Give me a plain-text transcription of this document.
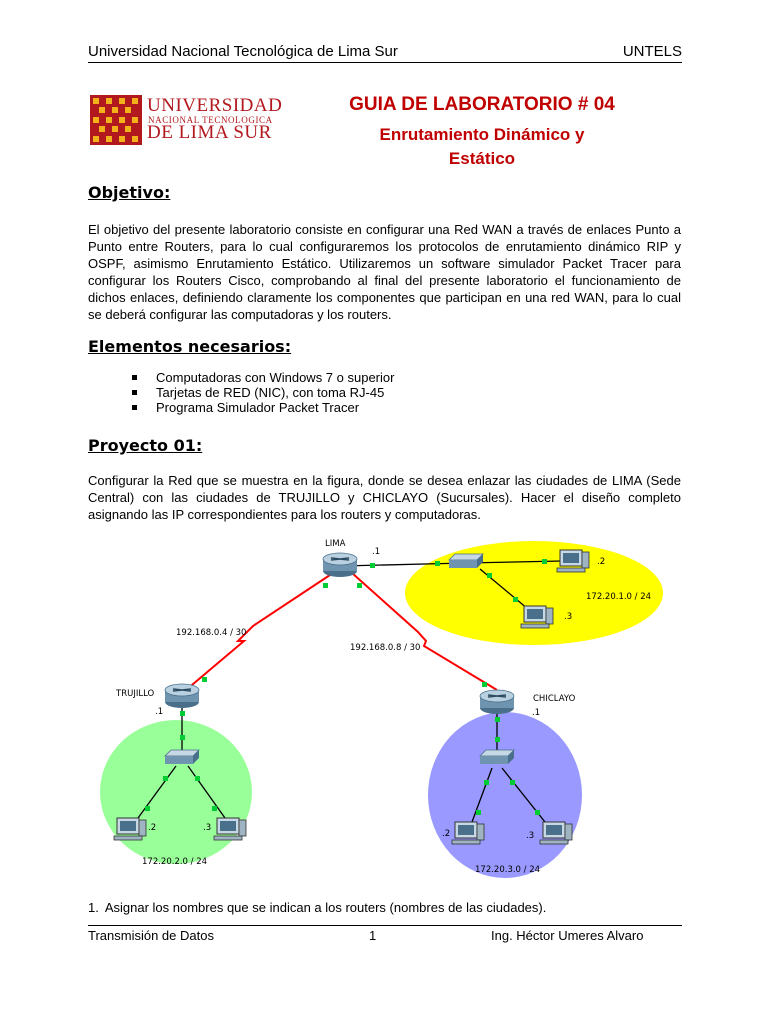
Universidad Nacional Tecnológica de Lima Sur	UNTELS
UNIVERSIDAD
NACIONAL TECNOLOGICA
DE LIMA SUR
GUIA DE LABORATORIO # 04
Enrutamiento Dinámico y
Estático
Objetivo:
El objetivo del presente laboratorio consiste en configurar una Red WAN a través de enlaces Punto a Punto entre Routers, para lo cual configuraremos los protocolos de enrutamiento dinámico RIP y OSPF, asimismo Enrutamiento Estático. Utilizaremos un software simulador Packet Tracer para configurar los Routers Cisco, comprobando al final del presente laboratorio el funcionamiento de dichos enlaces, definiendo claramente los componentes que participan en una red WAN, para lo cual se deberá configurar las computadoras y los routers.
Elementos necesarios:
Computadoras con Windows 7 o superior
Tarjetas de RED (NIC), con toma RJ-45
Programa Simulador Packet Tracer
Proyecto 01:
Configurar la Red que se muestra en la figura, donde se desea enlazar las ciudades de LIMA (Sede Central) con las ciudades de TRUJILLO y CHICLAYO (Sucursales). Hacer el diseño completo asignando las IP correspondientes para los routers y computadoras.
LIMA
.1
.2
.3
172.20.1.0 / 24
192.168.0.4 / 30
192.168.0.8 / 30
TRUJILLO
.1
.2	.3
172.20.2.0 / 24
CHICLAYO
.1
.2	.3
172.20.3.0 / 24
1. Asignar los nombres que se indican a los routers (nombres de las ciudades).
Transmisión de Datos	1	Ing. Héctor Umeres Alvaro
